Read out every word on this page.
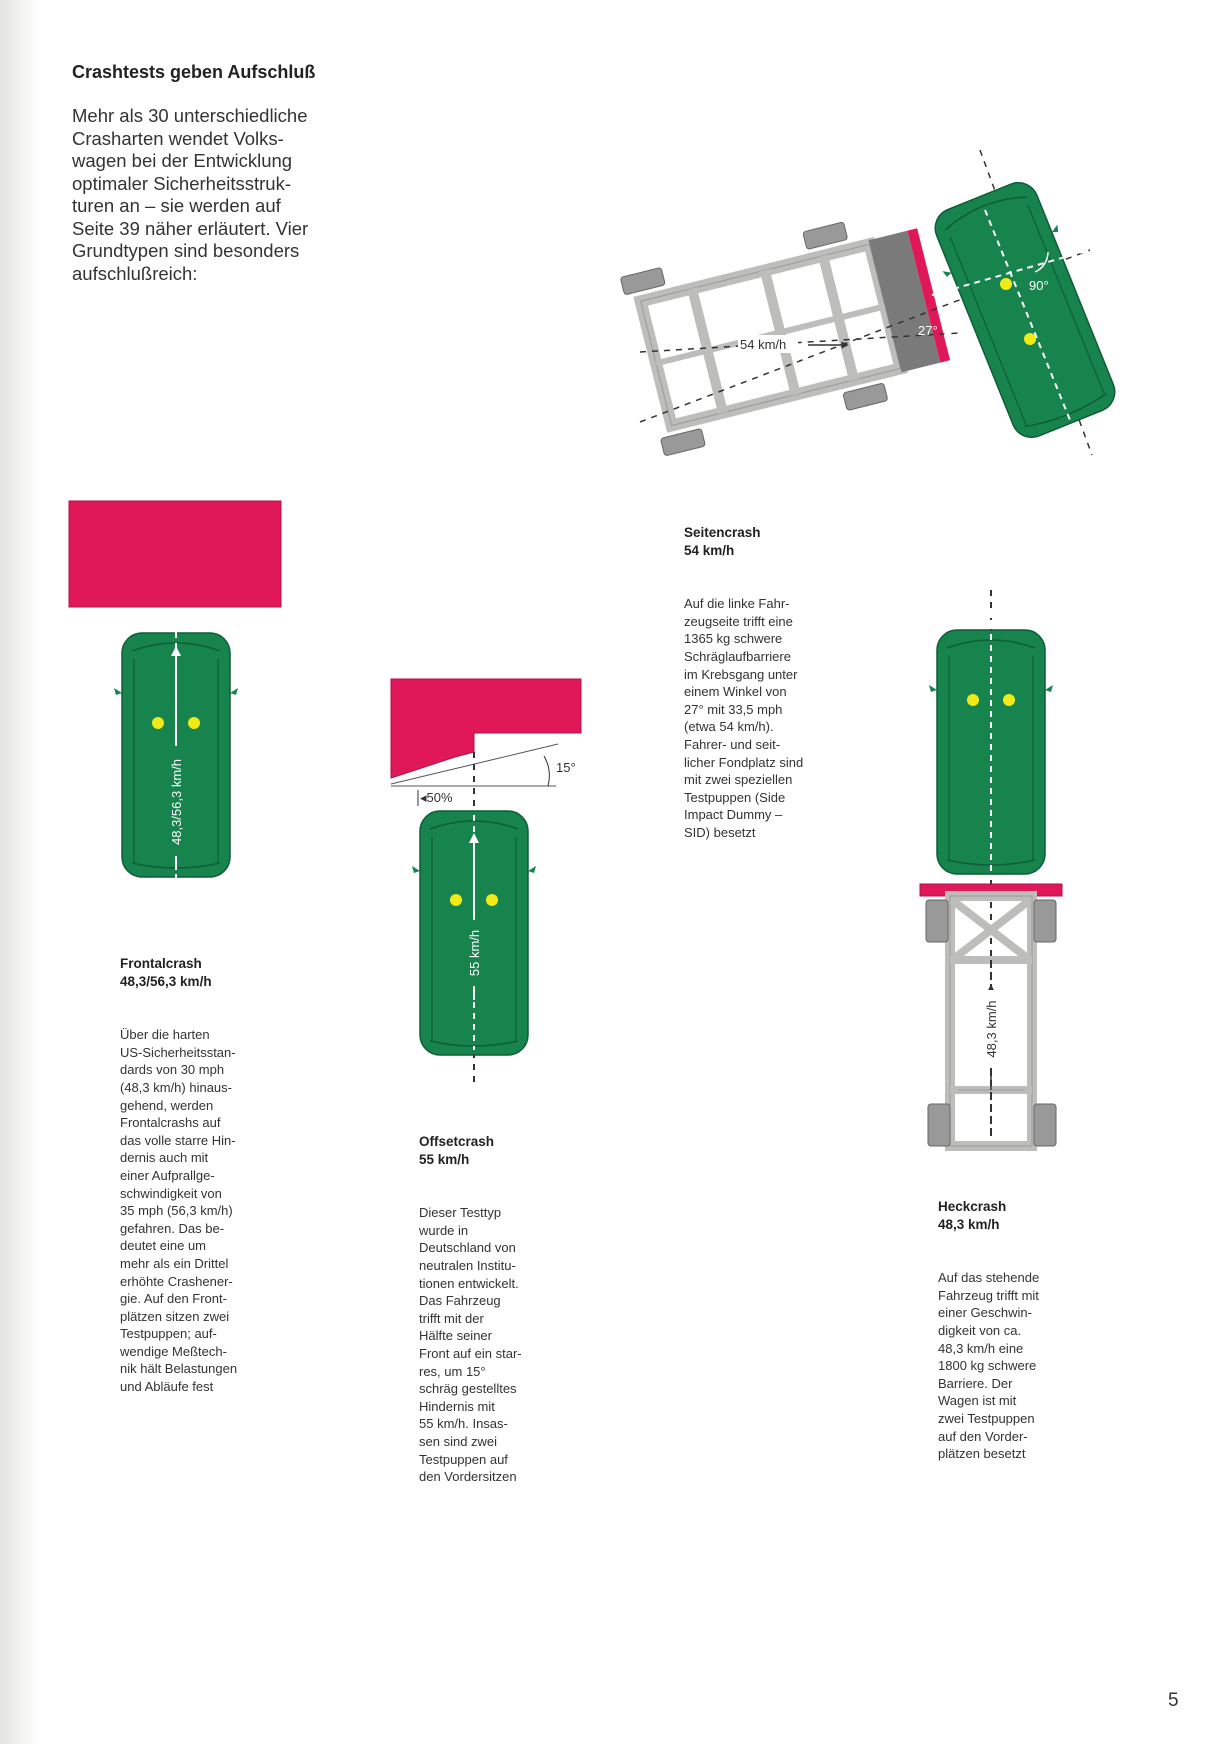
Crashtests geben Aufschluß
Mehr als 30 unterschiedliche
Crasharten wendet Volks-
wagen bei der Entwicklung
optimaler Sicherheitsstruk-
turen an – sie werden auf
Seite 39 näher erläutert. Vier
Grundtypen sind besonders
aufschlußreich:
48,3/56,3 km/h	15°
◂50%
55 km/h
54 km/h
90°
27°
48,3 km/h

Frontalcrash
48,3/56,3 km/h

Über die harten
US-Sicherheitsstan-
dards von 30 mph
(48,3 km/h) hinaus-
gehend, werden
Frontalcrashs auf
das volle starre Hin-
dernis auch mit
einer Aufprallge-
schwindigkeit von
35 mph (56,3 km/h)
gefahren. Das be-
deutet eine um
mehr als ein Drittel
erhöhte Crashener-
gie. Auf den Front-
plätzen sitzen zwei
Testpuppen; auf-
wendige Meßtech-
nik hält Belastungen
und Abläufe fest

Offsetcrash
55 km/h

Dieser Testtyp
wurde in
Deutschland von
neutralen Institu-
tionen entwickelt.
Das Fahrzeug
trifft mit der
Hälfte seiner
Front auf ein star-
res, um 15°
schräg gestelltes
Hindernis mit
55 km/h. Insas-
sen sind zwei
Testpuppen auf
den Vordersitzen

Seitencrash
54 km/h

Auf die linke Fahr-
zeugseite trifft eine
1365 kg schwere
Schräglaufbarriere
im Krebsgang unter
einem Winkel von
27° mit 33,5 mph
(etwa 54 km/h).
Fahrer- und seit-
licher Fondplatz sind
mit zwei speziellen
Testpuppen (Side
Impact Dummy –
SID) besetzt

Heckcrash
48,3 km/h

Auf das stehende
Fahrzeug trifft mit
einer Geschwin-
digkeit von ca.
48,3 km/h eine
1800 kg schwere
Barriere. Der
Wagen ist mit
zwei Testpuppen
auf den Vorder-
plätzen besetzt

5
